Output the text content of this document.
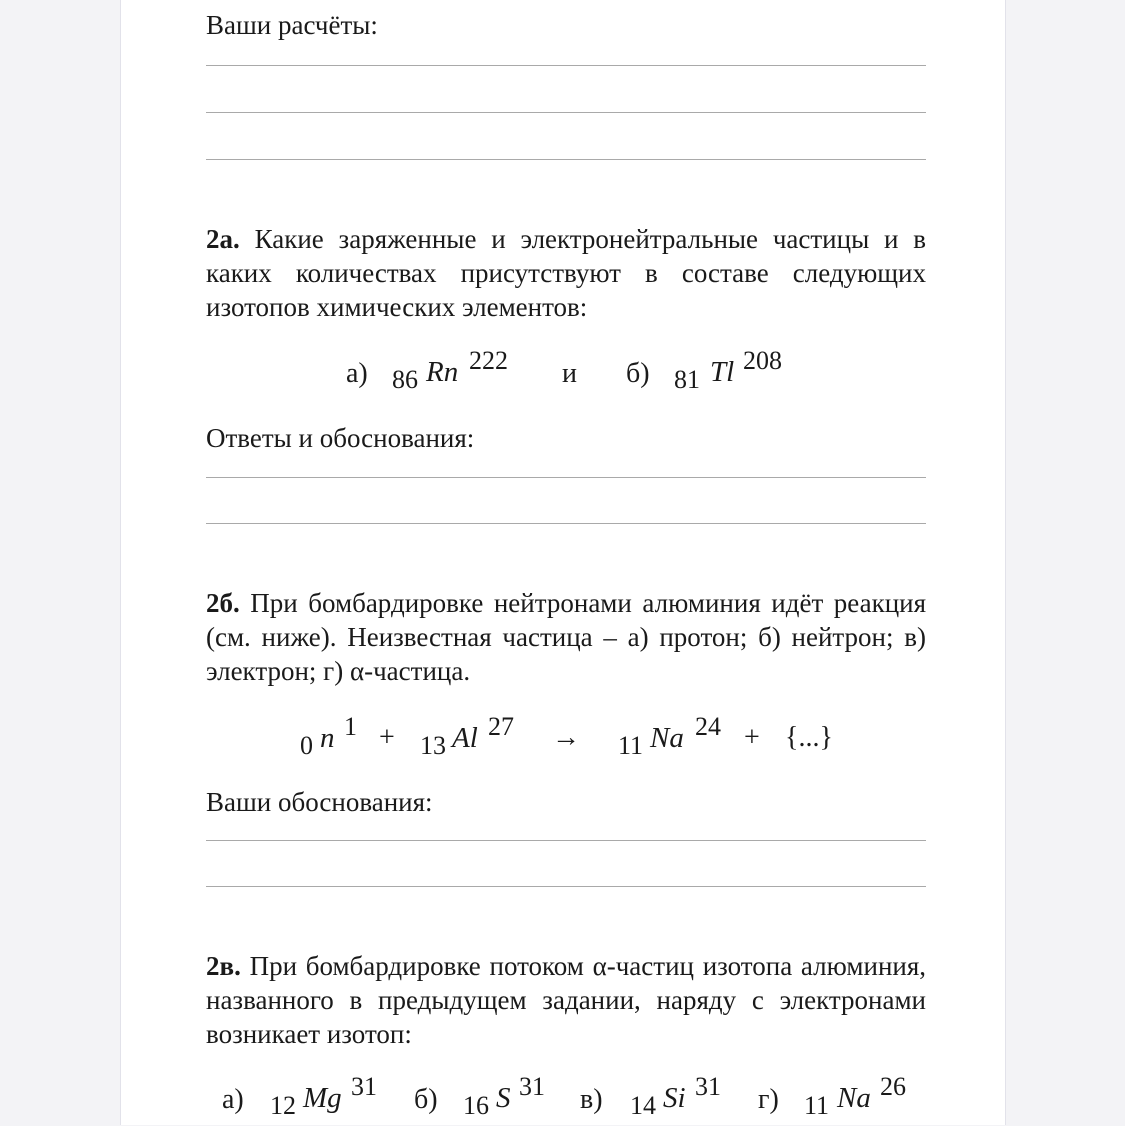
Ваши расчёты:
2а. Какие заряженные и электронейтральные частицы и в каких количествах присутствуют в составе следующих изотопов химических элементов:
а) 86 Rn 222 и б) 81 Tl 208
Ответы и обоснования:
2б. При бомбардировке нейтронами алюминия идёт реакция (см. ниже). Неизвестная частица – а) протон; б) нейтрон; в) электрон; г) α-частица.
0 n 1 + 13 Al 27 → 11 Na 24 + {...}
Ваши обоснования:
2в. При бомбардировке потоком α-частиц изотопа алюминия, названного в предыдущем задании, наряду с электронами возникает изотоп:
а) 12 Mg 31 б) 16 S 31 в) 14 Si 31 г) 11 Na 26
